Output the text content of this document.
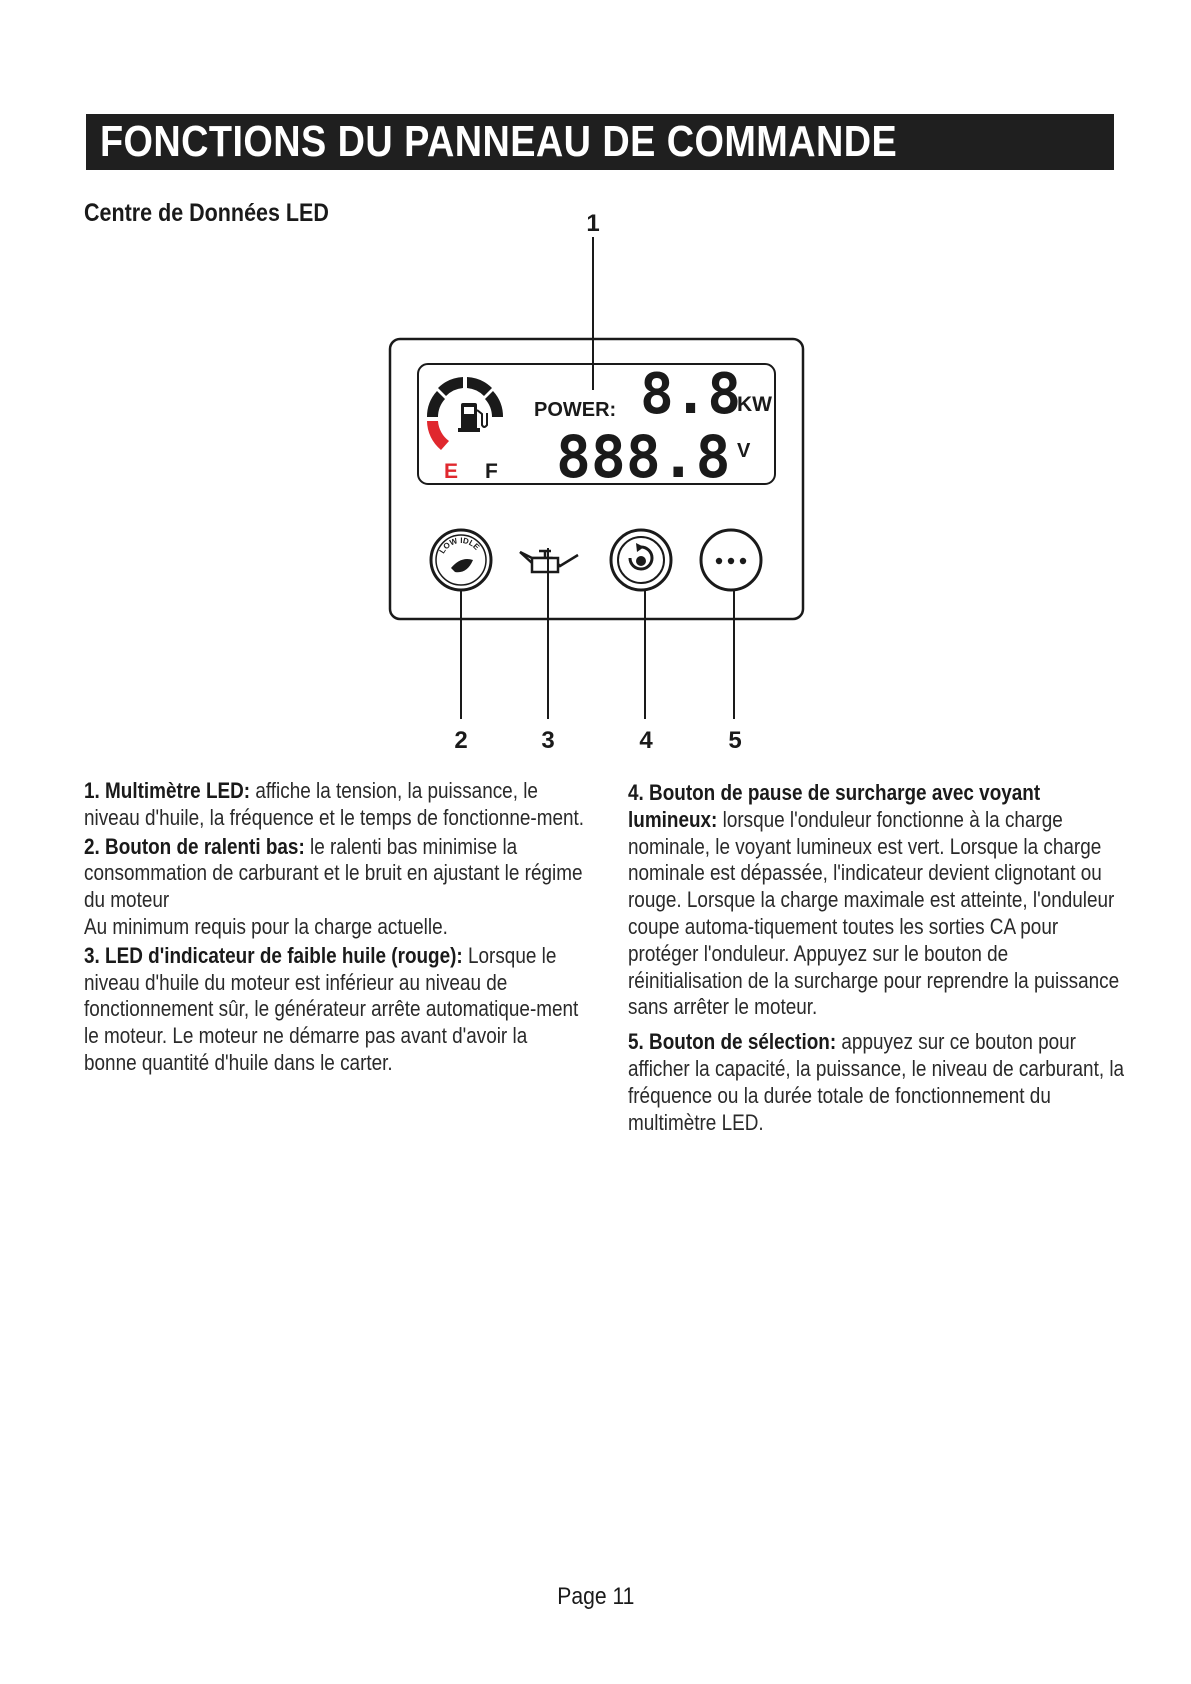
FONCTIONS DU PANNEAU DE COMMANDE
Centre de Données LED
E F
POWER: 8.8
KW
888.8 V
LOW IDLE
1
2	3	4	5

1. Multimètre LED: affiche la tension, la puissance, le niveau d'huile, la fréquence et le temps de fonctionne-ment.

2. Bouton de ralenti bas: le ralenti bas minimise la consommation de carburant et le bruit en ajustant le régime du moteur
Au minimum requis pour la charge actuelle.

3. LED d'indicateur de faible huile (rouge): Lorsque le niveau d'huile du moteur est inférieur au niveau de fonctionnement sûr, le générateur arrête automatique-ment le moteur. Le moteur ne démarre pas avant d'avoir la bonne quantité d'huile dans le carter.

4. Bouton de pause de surcharge avec voyant lumineux: lorsque l'onduleur fonctionne à la charge nominale, le voyant lumineux est vert. Lorsque la charge nominale est dépassée, l'indicateur devient clignotant ou rouge. Lorsque la charge maximale est atteinte, l'onduleur coupe automa-tiquement toutes les sorties CA pour protéger l'onduleur. Appuyez sur le bouton de réinitialisation de la surcharge pour reprendre la puissance sans arrêter le moteur.

5. Bouton de sélection: appuyez sur ce bouton pour afficher la capacité, la puissance, le niveau de carburant, la fréquence ou la durée totale de fonctionnement du multimètre LED.

Page 11
